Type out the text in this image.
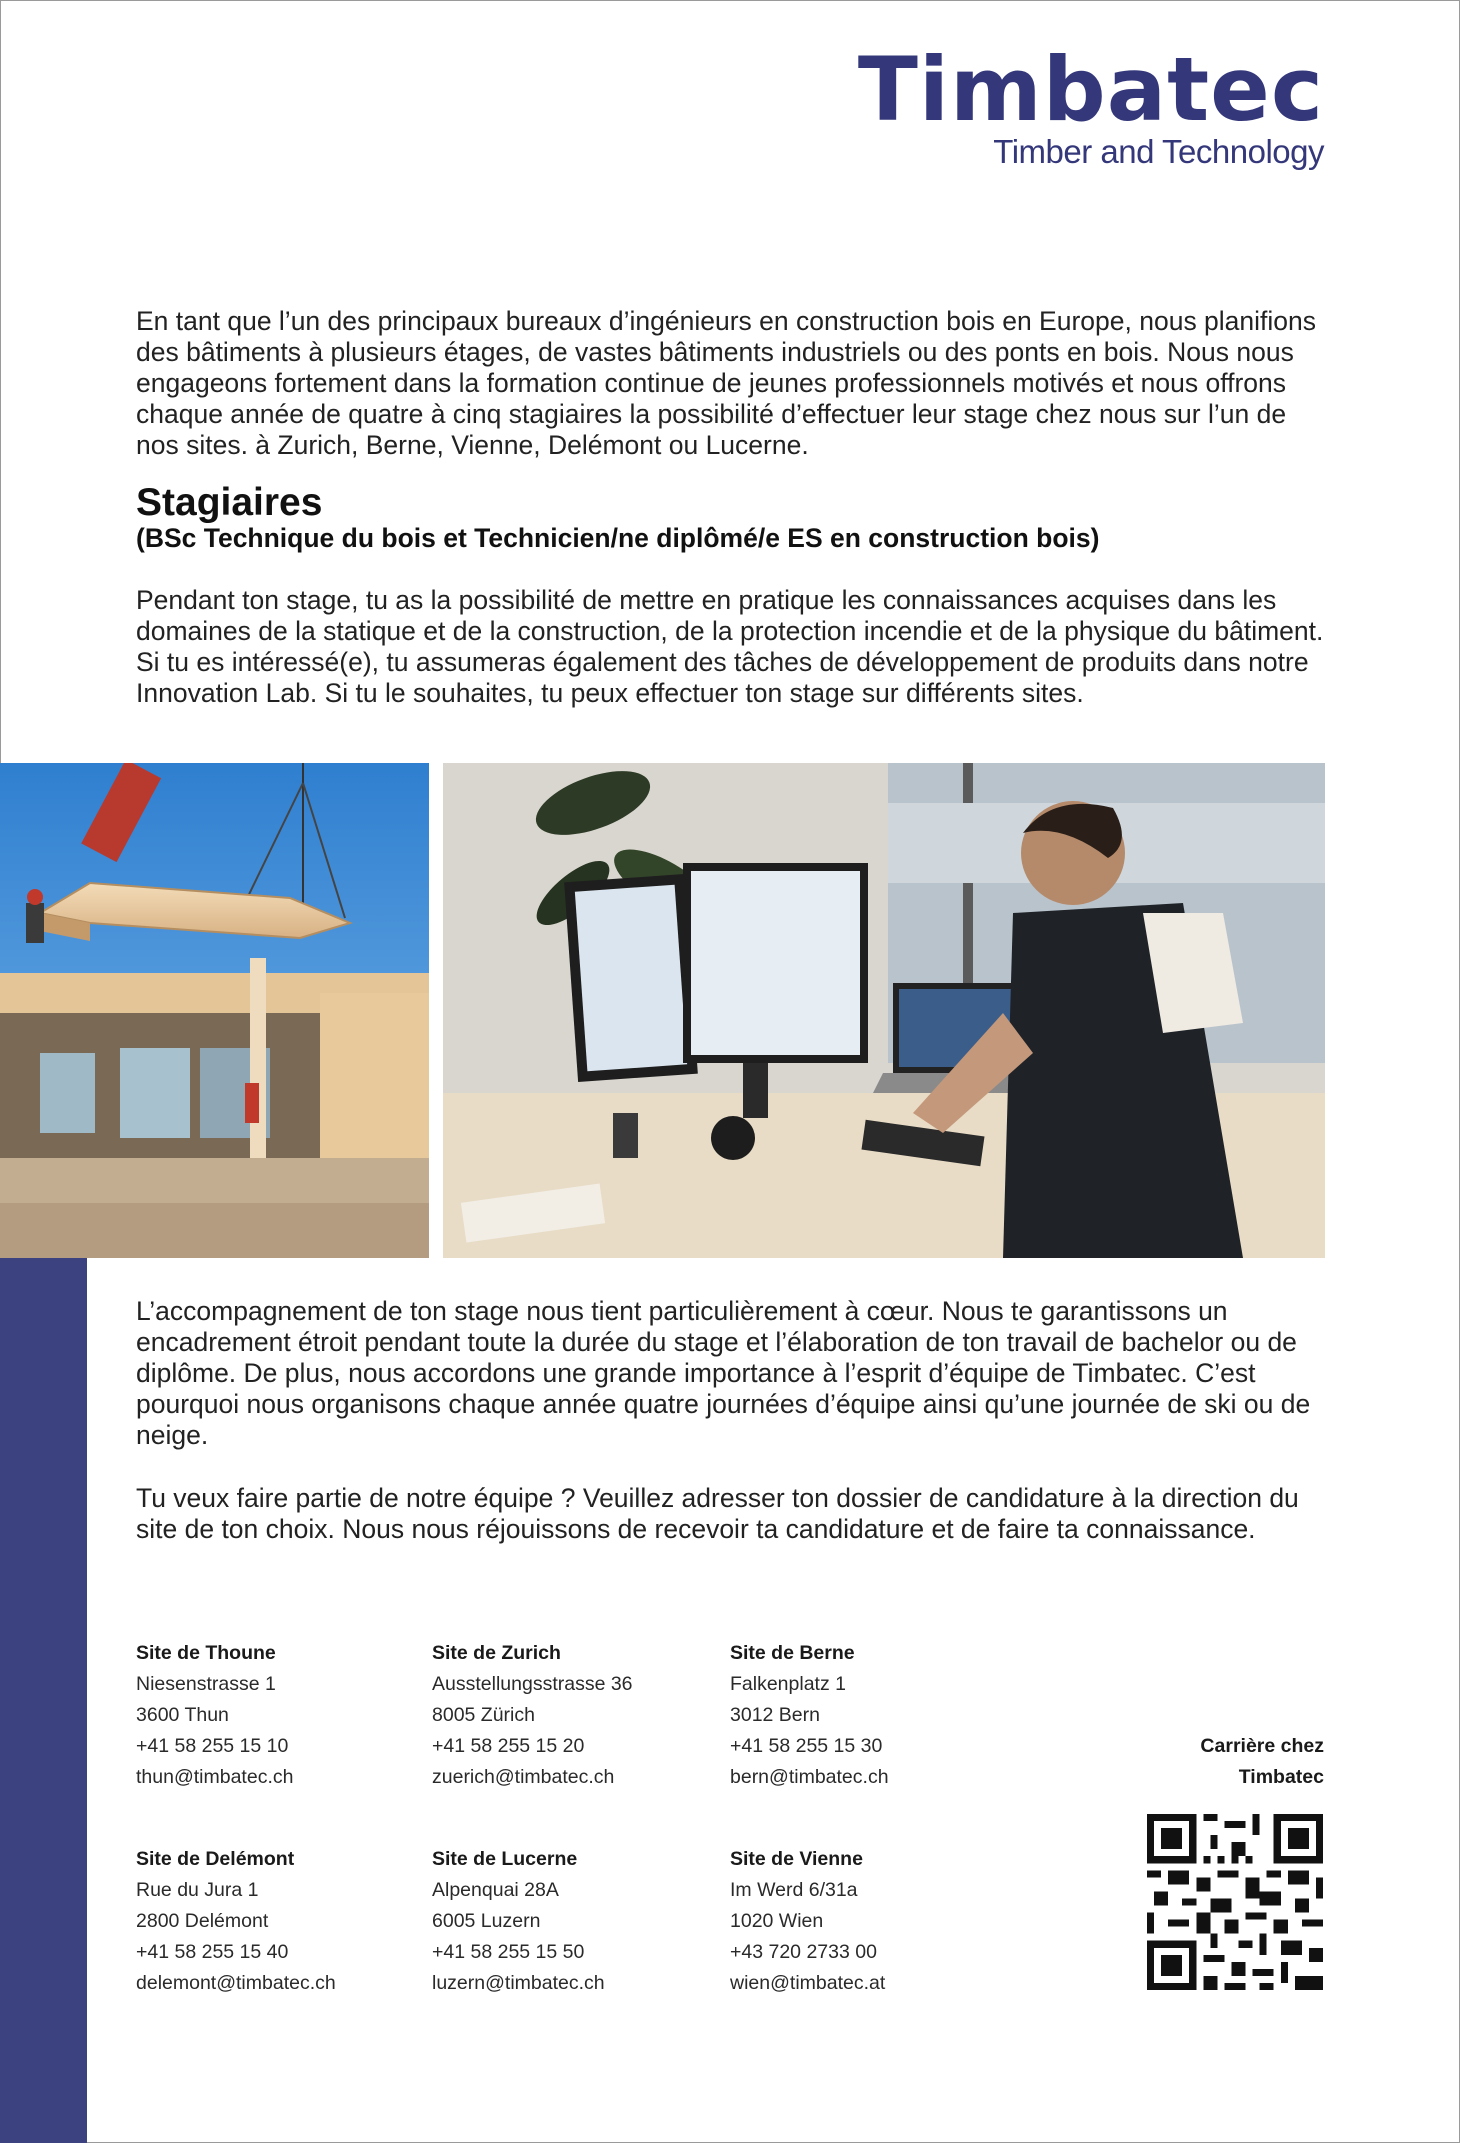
Timbatec
Timber and Technology

En tant que l’un des principaux bureaux d’ingénieurs en construction bois en Europe, nous planifions des bâtiments à plusieurs étages, de vastes bâtiments industriels ou des ponts en bois. Nous nous engageons fortement dans la formation continue de jeunes professionnels motivés et nous offrons chaque année de quatre à cinq stagiaires la possibilité d’effectuer leur stage chez nous sur l’un de nos sites. à Zurich, Berne, Vienne, Delémont ou Lucerne.

Stagiaires
(BSc Technique du bois et Technicien/ne diplômé/e ES en construction bois)

Pendant ton stage, tu as la possibilité de mettre en pratique les connaissances acquises dans les domaines de la statique et de la construction, de la protection incendie et de la physique du bâtiment. Si tu es intéressé(e), tu assumeras également des tâches de développement de produits dans notre Innovation Lab. Si tu le souhaites, tu peux effectuer ton stage sur différents sites.

L’accompagnement de ton stage nous tient particulièrement à cœur. Nous te garantissons un encadrement étroit pendant toute la durée du stage et l’élaboration de ton travail de bachelor ou de diplôme. De plus, nous accordons une grande importance à l’esprit d’équipe de Timbatec. C’est pourquoi nous organisons chaque année quatre journées d’équipe ainsi qu’une journée de ski ou de neige.

Tu veux faire partie de notre équipe ? Veuillez adresser ton dossier de candidature à la direction du site de ton choix. Nous nous réjouissons de recevoir ta candidature et de faire ta connaissance.

Site de Thoune
Niesenstrasse 1
3600 Thun
+41 58 255 15 10
thun@timbatec.ch
Site de Zurich
Ausstellungsstrasse 36
8005 Zürich
+41 58 255 15 20
zuerich@timbatec.ch
Site de Berne
Falkenplatz 1
3012 Bern
+41 58 255 15 30
bern@timbatec.ch
Site de Delémont
Rue du Jura 1
2800 Delémont
+41 58 255 15 40
delemont@timbatec.ch
Site de Lucerne
Alpenquai 28A
6005 Luzern
+41 58 255 15 50
luzern@timbatec.ch
Site de Vienne
Im Werd 6/31a
1020 Wien
+43 720 2733 00
wien@timbatec.at
Carrière chez
Timbatec
